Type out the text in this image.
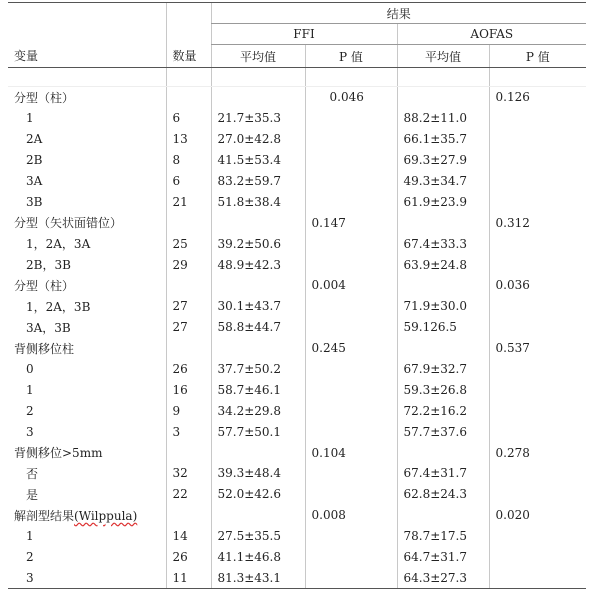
		结果			
		FFI		AOFAS	
变量	数量	平均值	P 值	平均值	P 值

分型（柱）			0.046		0.126
1	6	21.7±35.3		88.2±11.0	
2A	13	27.0±42.8		66.1±35.7	
2B	8	41.5±53.4		69.3±27.9	
3A	6	83.2±59.7		49.3±34.7	
3B	21	51.8±38.4		61.9±23.9	
分型（矢状面错位）			0.147		0.312
1，2A，3A	25	39.2±50.6		67.4±33.3	
2B，3B	29	48.9±42.3		63.9±24.8	
分型（柱）			0.004		0.036
1，2A，3B	27	30.1±43.7		71.9±30.0	
3A，3B	27	58.8±44.7		59.126.5	
背侧移位柱			0.245		0.537
0	26	37.7±50.2		67.9±32.7	
1	16	58.7±46.1		59.3±26.8	
2	9	34.2±29.8		72.2±16.2	
3	3	57.7±50.1		57.7±37.6	
背侧移位>5mm			0.104		0.278
否	32	39.3±48.4		67.4±31.7	
是	22	52.0±42.6		62.8±24.3	
解剖型结果(Wilppula)			0.008		0.020
1	14	27.5±35.5		78.7±17.5	
2	26	41.1±46.8		64.7±31.7	
3	11	81.3±43.1		64.3±27.3	
